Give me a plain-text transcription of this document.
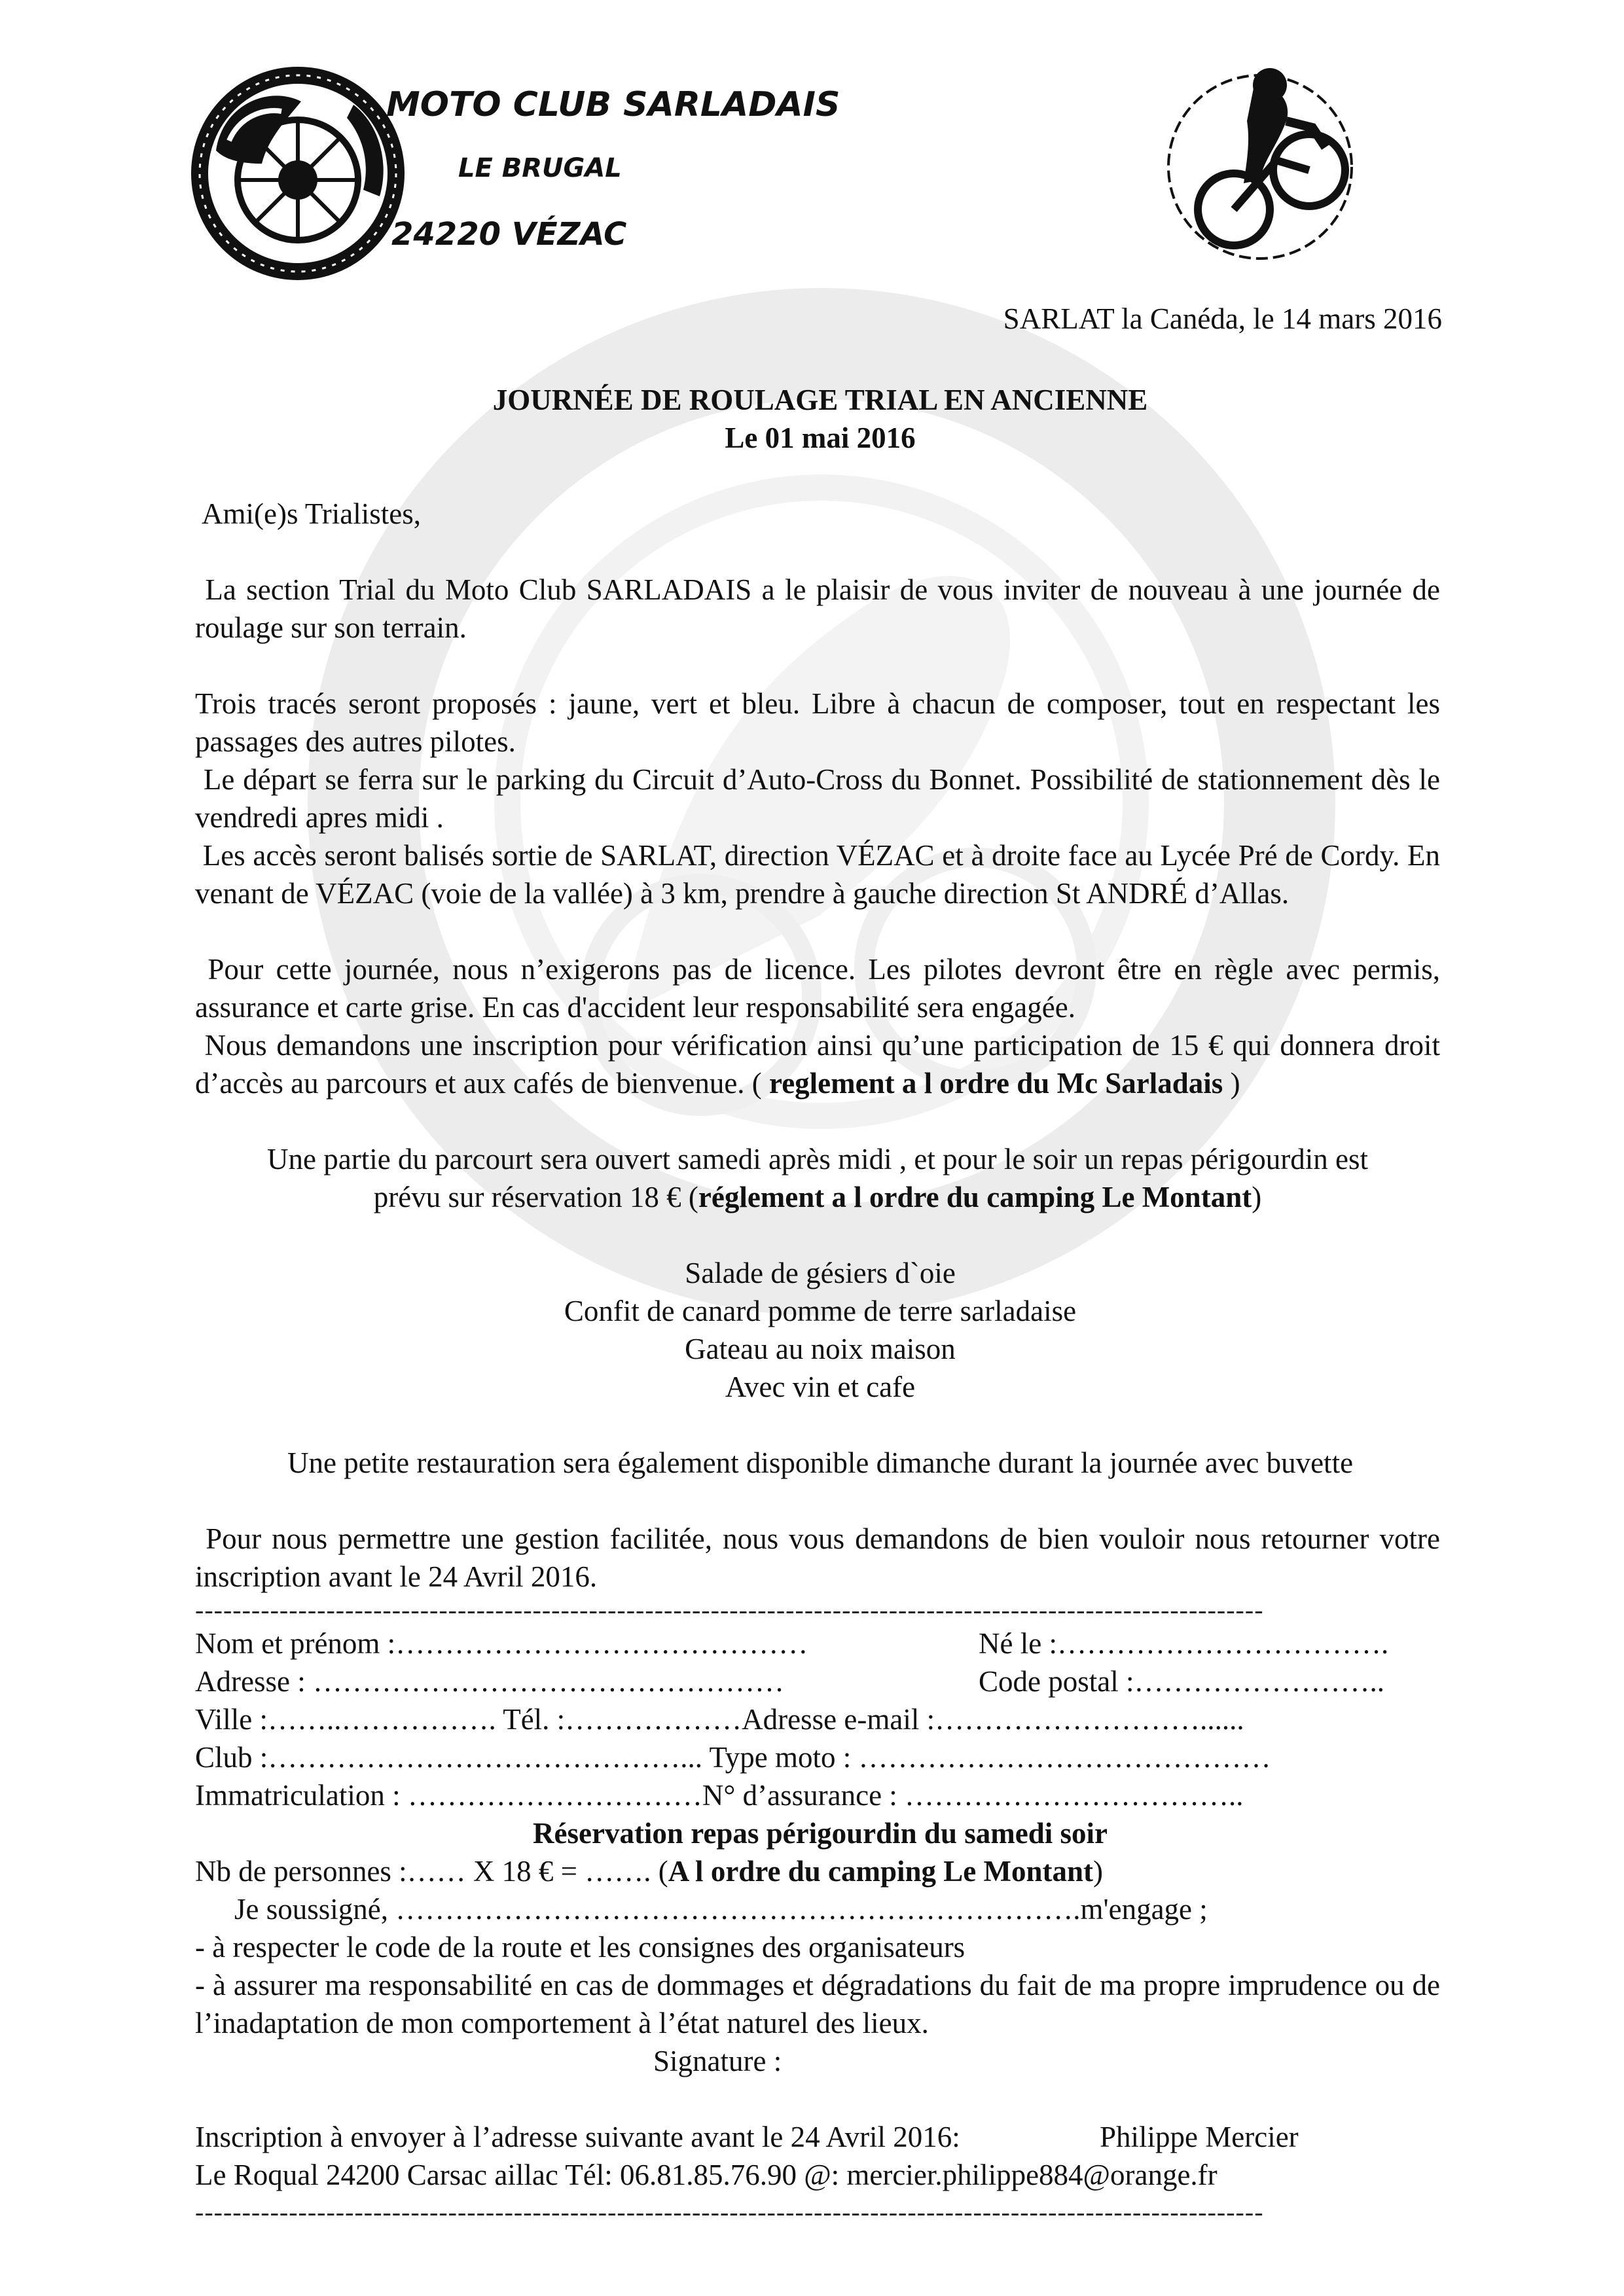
MOTO CLUB SARLADAIS
LE BRUGAL
24220 VÉZAC
SARLAT la Canéda, le 14 mars 2016
JOURNÉE DE ROULAGE TRIAL EN ANCIENNE
Le 01 mai 2016
Ami(e)s Trialistes,
La section Trial du Moto Club SARLADAIS a le plaisir de vous inviter de nouveau à une journée de roulage sur son terrain.
Trois tracés seront proposés : jaune, vert et bleu. Libre à chacun de composer, tout en respectant les passages des autres pilotes.
Le départ se ferra sur le parking du Circuit d’Auto-Cross du Bonnet. Possibilité de stationnement dès le vendredi apres midi .
Les accès seront balisés sortie de SARLAT, direction VÉZAC et à droite face au Lycée Pré de Cordy. En venant de VÉZAC (voie de la vallée) à 3 km, prendre à gauche direction St ANDRÉ d’Allas.
Pour cette journée, nous n’exigerons pas de licence. Les pilotes devront être en règle avec permis, assurance et carte grise. En cas d'accident leur responsabilité sera engagée.
Nous demandons une inscription pour vérification ainsi qu’une participation de 15 € qui donnera droit d’accès au parcours et aux cafés de bienvenue. ( reglement a l ordre du Mc Sarladais )
Une partie du parcourt sera ouvert samedi après midi , et pour le soir un repas périgourdin est
prévu sur réservation 18 € (réglement a l ordre du camping Le Montant)
Salade de gésiers d`oie
Confit de canard pomme de terre sarladaise
Gateau au noix maison
Avec vin et cafe
Une petite restauration sera également disponible dimanche durant la journée avec buvette
Pour nous permettre une gestion facilitée, nous vous demandons de bien vouloir nous retourner votre inscription avant le 24 Avril 2016.
------------------------------------------------------------------------------------------------------------------
Nom et prénom :……………………………………	Né le :…………………………….
Adresse : …………………………………………	Code postal :……………………..
Ville :……..……………. Tél. :………………Adresse e-mail :………………………......
Club :……………………………………... Type moto : ……………………………………
Immatriculation : …………………………N° d’assurance : ……………………………..
Réservation repas périgourdin du samedi soir
Nb de personnes :…… X 18 € = ……. (A l ordre du camping Le Montant)
Je soussigné, …………………………………………………………….m'engage ;
- à respecter le code de la route et les consignes des organisateurs
- à assurer ma responsabilité en cas de dommages et dégradations du fait de ma propre imprudence ou de l’inadaptation de mon comportement à l’état naturel des lieux.
Signature :
Inscription à envoyer à l’adresse suivante avant le 24 Avril 2016:	Philippe Mercier
Le Roqual 24200 Carsac aillac Tél: 06.81.85.76.90 @: mercier.philippe884@orange.fr
------------------------------------------------------------------------------------------------------------------
